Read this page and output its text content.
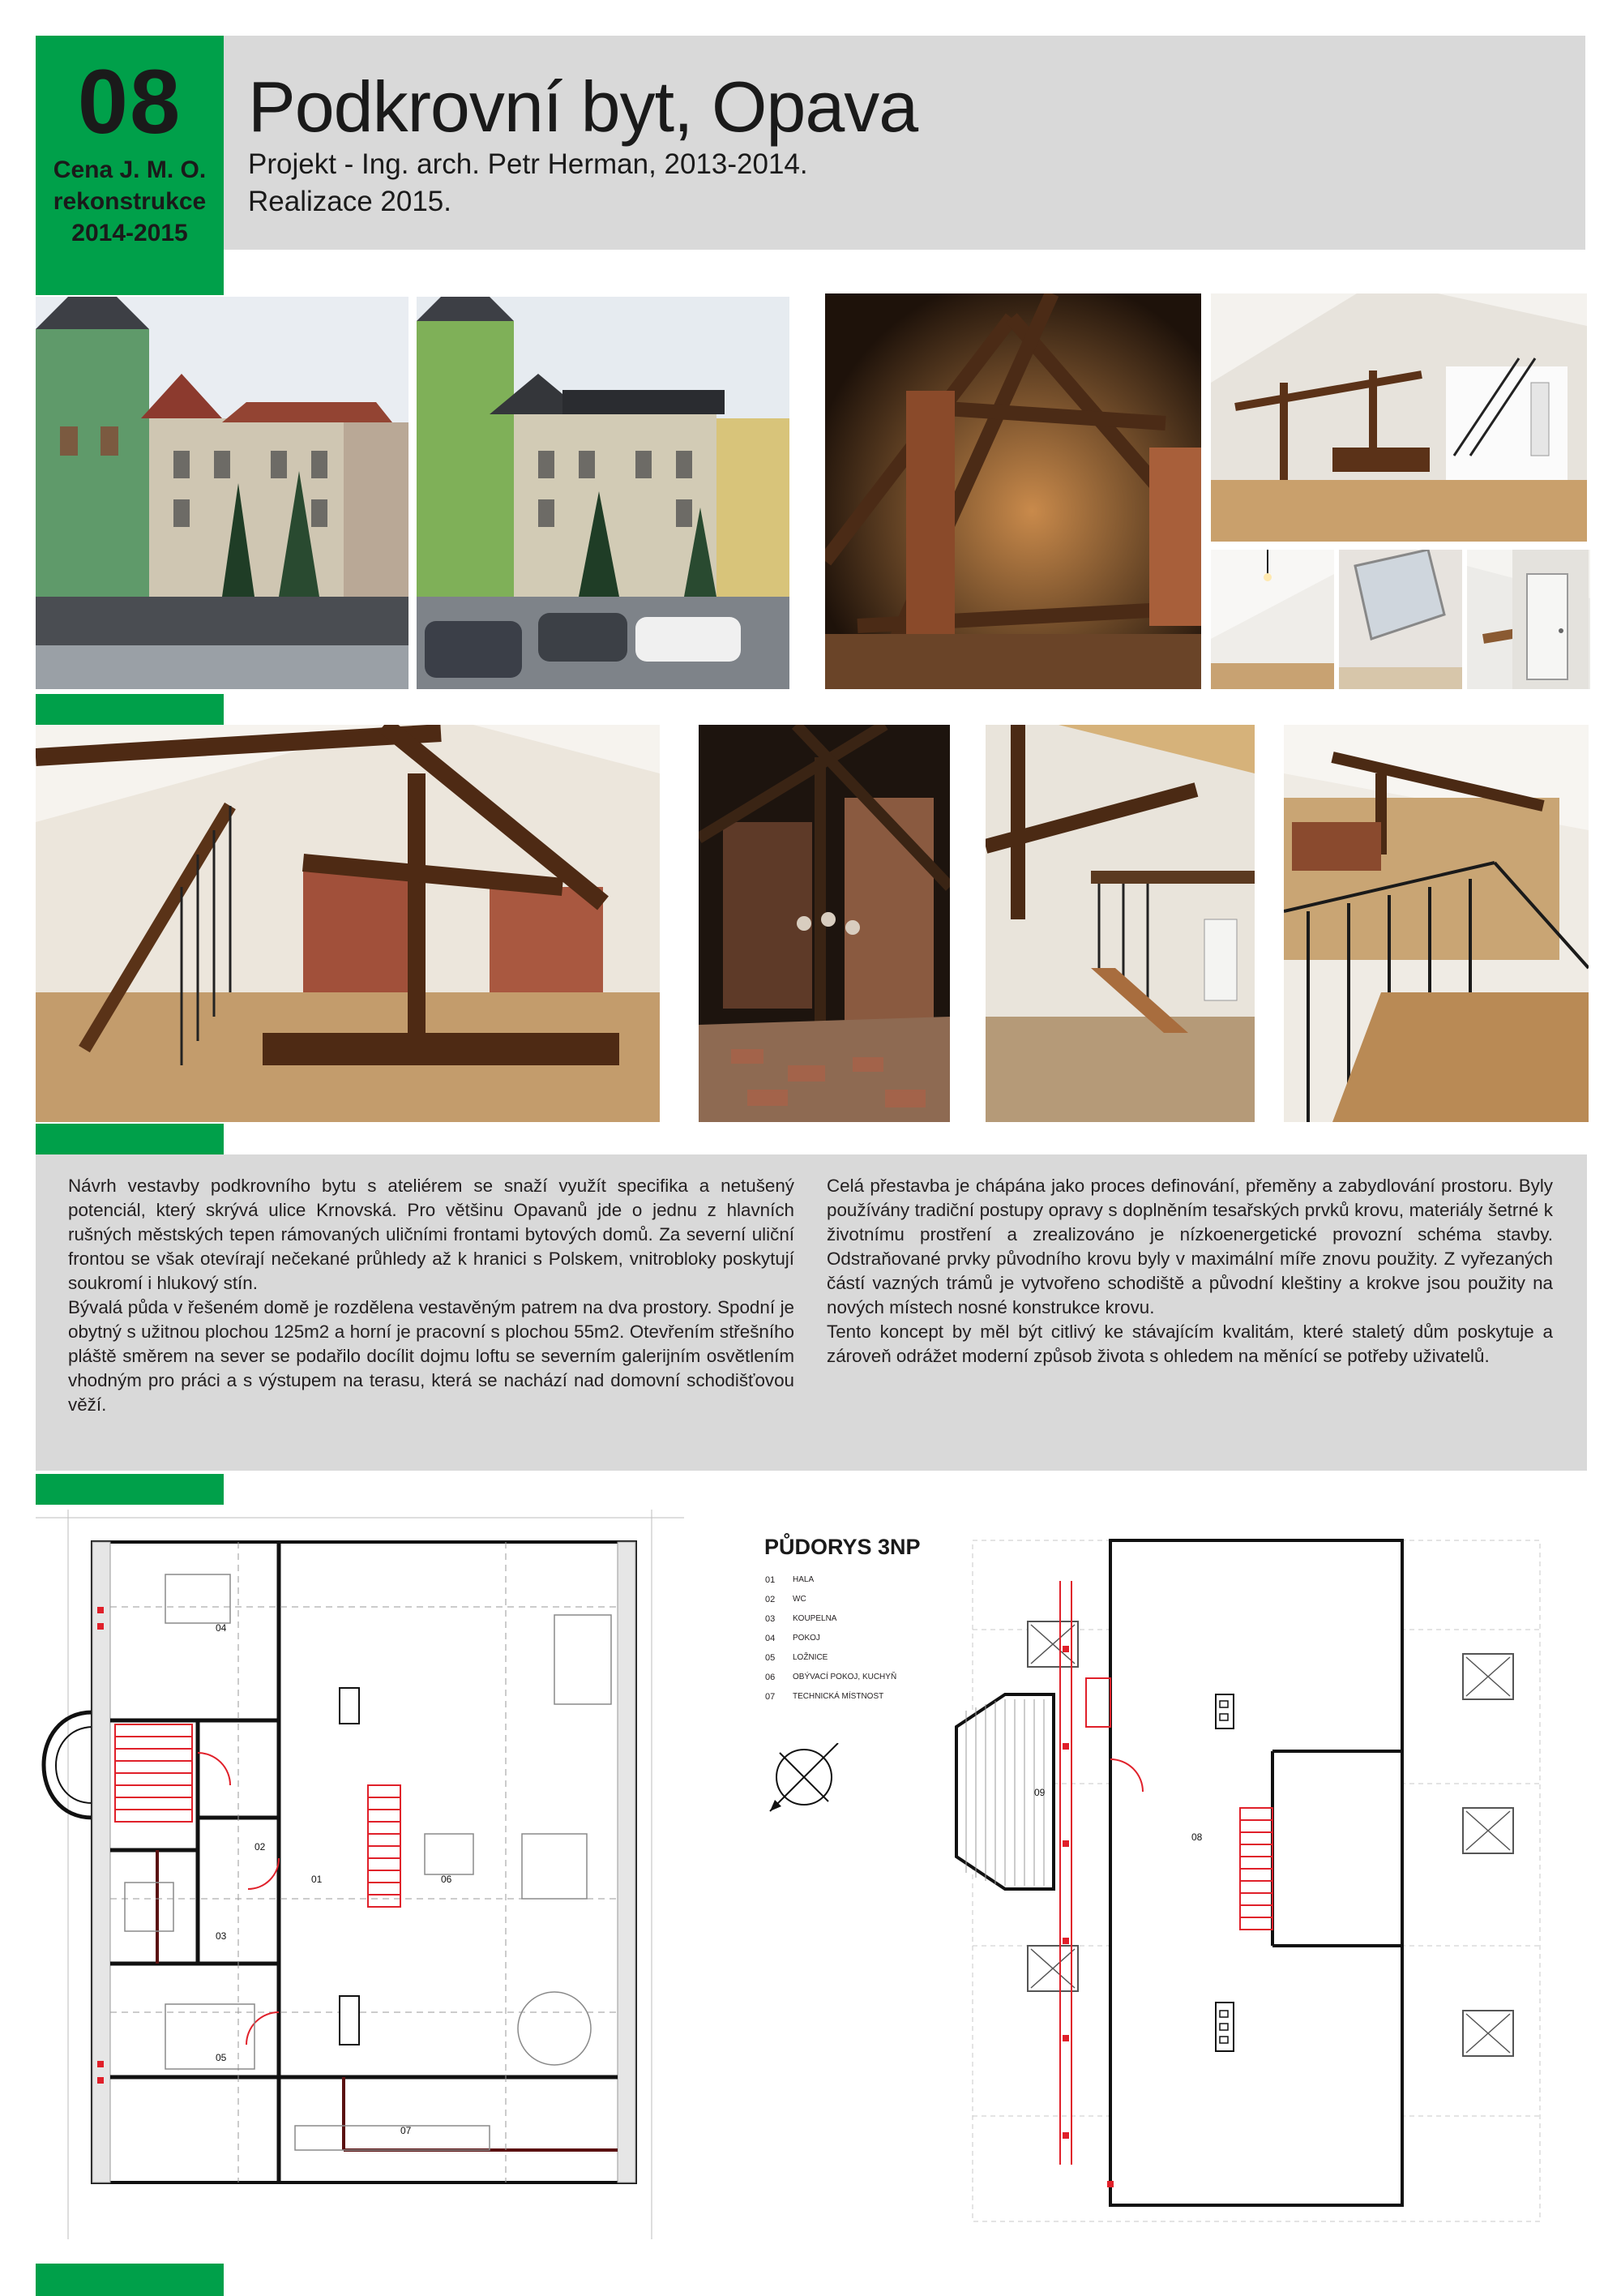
08
Cena J. M. O.
rekonstrukce
2014-2015
Podkrovní byt, Opava
Projekt - Ing. arch. Petr Herman, 2013-2014.
Realizace 2015.

Návrh vestavby podkrovního bytu s ateliérem se snaží využít specifika a netušený potenciál, který skrývá ulice Krnovská. Pro většinu Opavanů jde o jednu z hlavních rušných městských tepen rámovaných uličními frontami bytových domů. Za severní uliční frontou se však otevírají nečekané průhledy až k hranici s Polskem, vnitrobloky poskytují soukromí i hlukový stín.

Bývalá půda v řešeném domě je rozdělena vestavěným patrem na dva prostory. Spodní je obytný s užitnou plochou 125m2 a horní je pracovní s plochou 55m2. Otevřením střešního pláště směrem na sever se podařilo docílit dojmu loftu se severním galerijním osvětlením vhodným pro práci a s výstupem na terasu, která se nachází nad domovní schodišťovou věží.

Celá přestavba je chápána jako proces definování, přeměny a zabydlování prostoru. Byly používány tradiční postupy opravy s doplněním tesařských prvků krovu, materiály šetrné k životnímu prostření a zrealizováno je nízkoenergetické provozní schéma stavby. Odstraňované prvky původního krovu byly v maximální míře znovu použity. Z vyřezaných částí vazných trámů je vytvořeno schodiště a původní kleštiny a krokve jsou použity na nových místech nosné konstrukce krovu.

Tento koncept by měl být citlivý ke stávajícím kvalitám, které staletý dům poskytuje a zároveň odrážet moderní způsob života s ohledem na měnící se potřeby uživatelů.

04
02
01	06
03
05
07
PŮDORYS 3NP
01	HALA
02	WC
03	KOUPELNA
04	POKOJ
05	LOŽNICE
06	OBÝVACÍ POKOJ, KUCHYŇ
07	TECHNICKÁ MÍSTNOST
09
08
